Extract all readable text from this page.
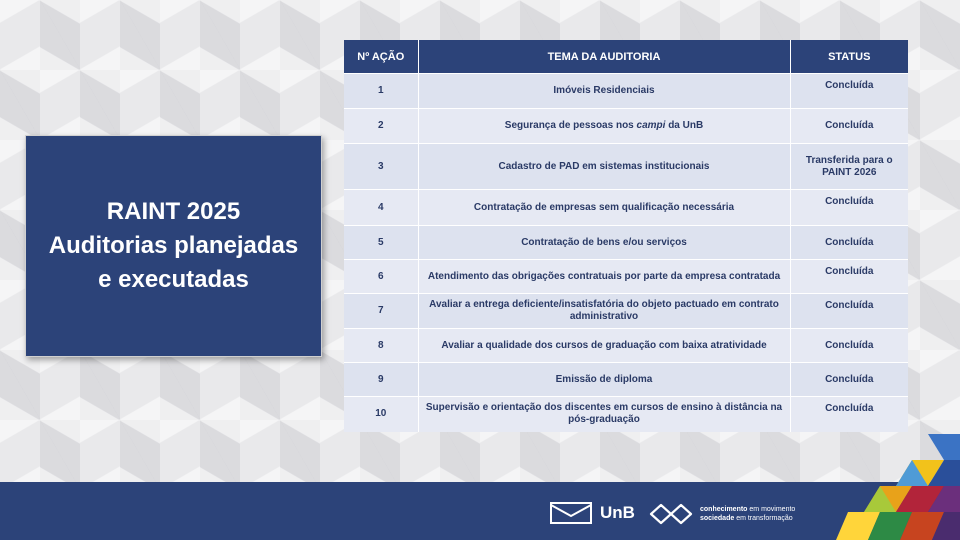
RAINT 2025
Auditorias planejadas
e executadas
Nº AÇÃO	TEMA DA AUDITORIA	STATUS
1	Imóveis Residenciais	Concluída
2	Segurança de pessoas nos campi da UnB	Concluída
3	Cadastro de PAD em sistemas institucionais	Transferida para o PAINT 2026
4	Contratação de empresas sem qualificação necessária	Concluída
5	Contratação de bens e/ou serviços	Concluída
6	Atendimento das obrigações contratuais por parte da empresa contratada	Concluída
7	Avaliar a entrega deficiente/insatisfatória do objeto pactuado em contrato administrativo	Concluída
8	Avaliar a qualidade dos cursos de graduação com baixa atratividade	Concluída
9	Emissão de diploma	Concluída
10	Supervisão e orientação dos discentes em cursos de ensino à distância na pós-graduação	Concluída
UnB	conhecimento em movimento
sociedade em transformação
